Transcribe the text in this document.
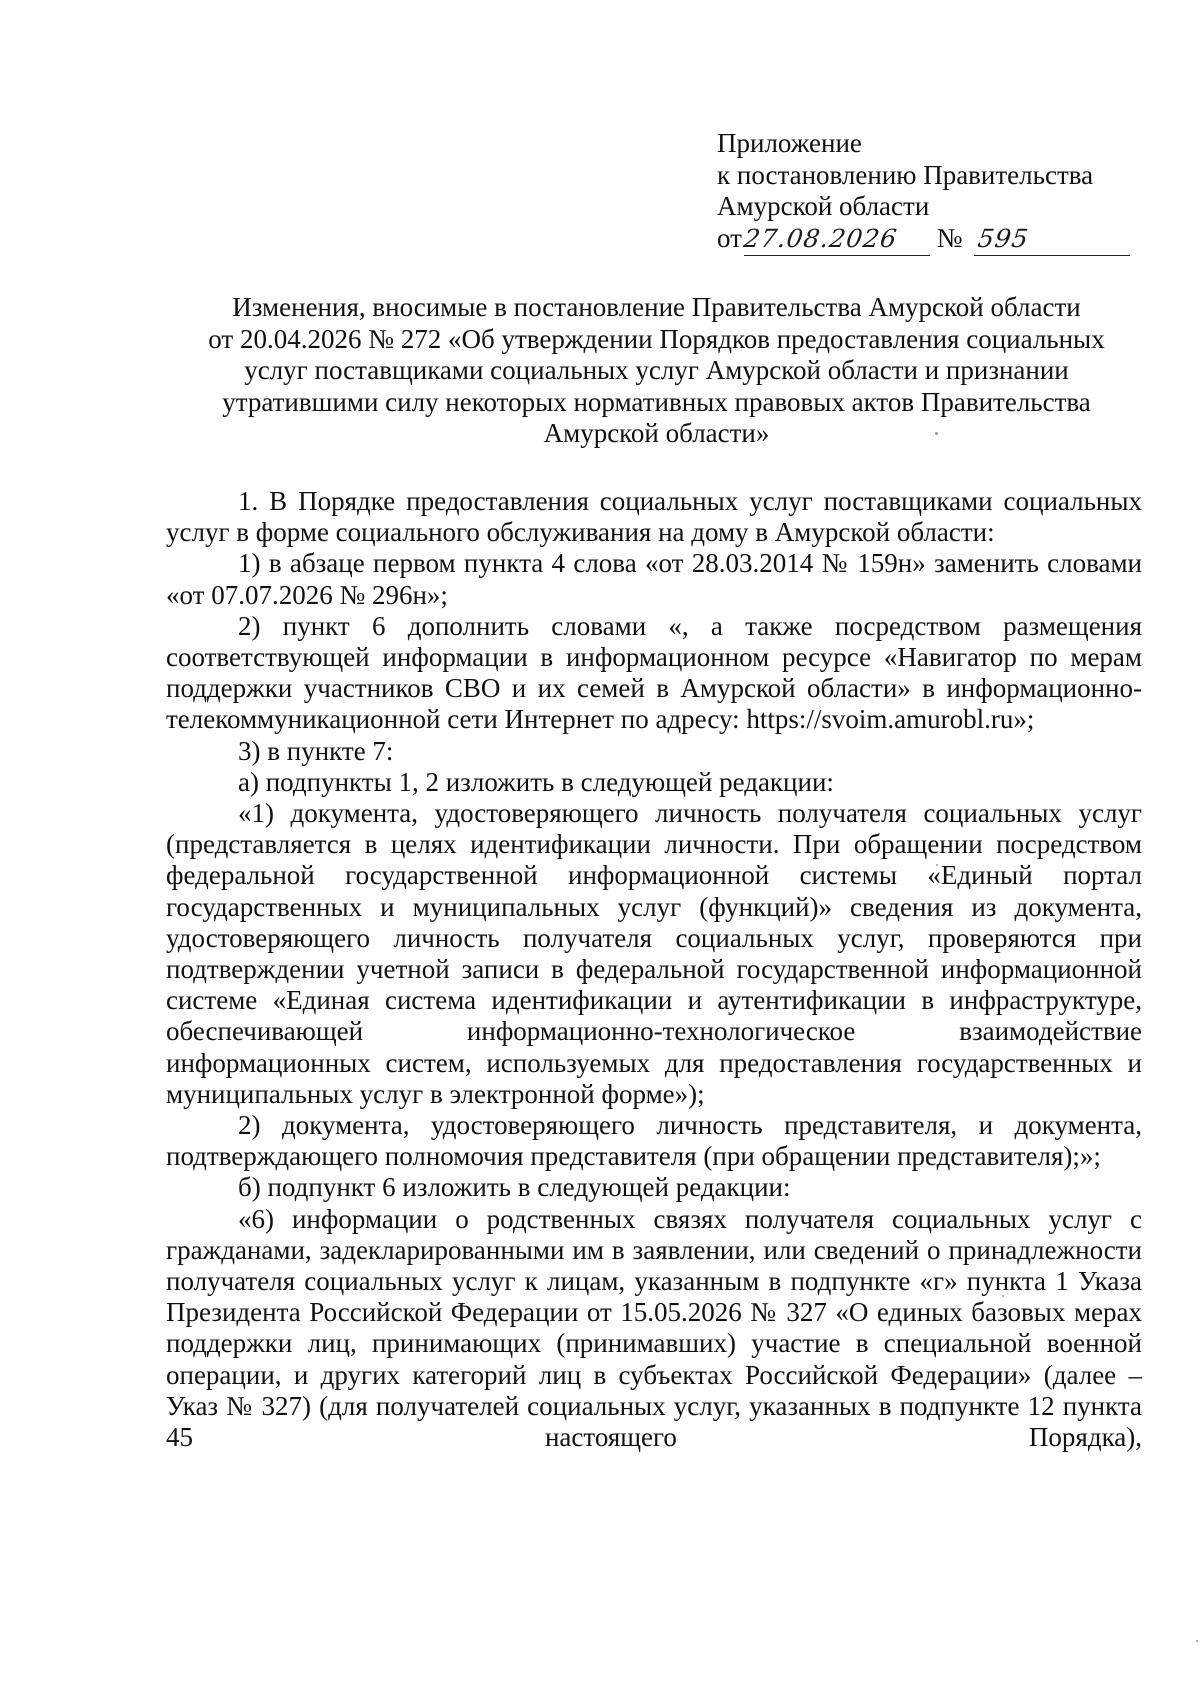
Приложение
к постановлению Правительства
Амурской области
от27.08.2026 № 595
Изменения, вносимые в постановление Правительства Амурской области
от 20.04.2026 № 272 «Об утверждении Порядков предоставления социальных
услуг поставщиками социальных услуг Амурской области и признании
утратившими силу некоторых нормативных правовых актов Правительства
Амурской области»

1. В Порядке предоставления социальных услуг поставщиками социальных услуг в форме социального обслуживания на дому в Амурской области:

1) в абзаце первом пункта 4 слова «от 28.03.2014 № 159н» заменить словами «от 07.07.2026 № 296н»;

2) пункт 6 дополнить словами «, а также посредством размещения соответствующей информации в информационном ресурсе «Навигатор по мерам поддержки участников СВО и их семей в Амурской области» в информационно-телекоммуникационной сети Интернет по адресу: https://svoim.amurobl.ru»;

3) в пункте 7:

а) подпункты 1, 2 изложить в следующей редакции:

«1) документа, удостоверяющего личность получателя социальных услуг (представляется в целях идентификации личности. При обращении посредством федеральной государственной информационной системы «Единый портал государственных и муниципальных услуг (функций)» сведения из документа, удостоверяющего личность получателя социальных услуг, проверяются при подтверждении учетной записи в федеральной государственной информационной системе «Единая система идентификации и аутентификации в инфраструктуре, обеспечивающей информационно-технологическое взаимодействие информационных систем, используемых для предоставления государственных и муниципальных услуг в электронной форме»);

2) документа, удостоверяющего личность представителя, и документа, подтверждающего полномочия представителя (при обращении представителя);»;

б) подпункт 6 изложить в следующей редакции:

«6) информации о родственных связях получателя социальных услуг с гражданами, задекларированными им в заявлении, или сведений о принадлежности получателя социальных услуг к лицам, указанным в подпункте «г» пункта 1 Указа Президента Российской Федерации от 15.05.2026 № 327 «О единых базовых мерах поддержки лиц, принимающих (принимавших) участие в специальной военной операции, и других категорий лиц в субъектах Российской Федерации» (далее – Указ № 327) (для получателей социальных услуг, указанных в подпункте 12 пункта 45 настоящего Порядка),
